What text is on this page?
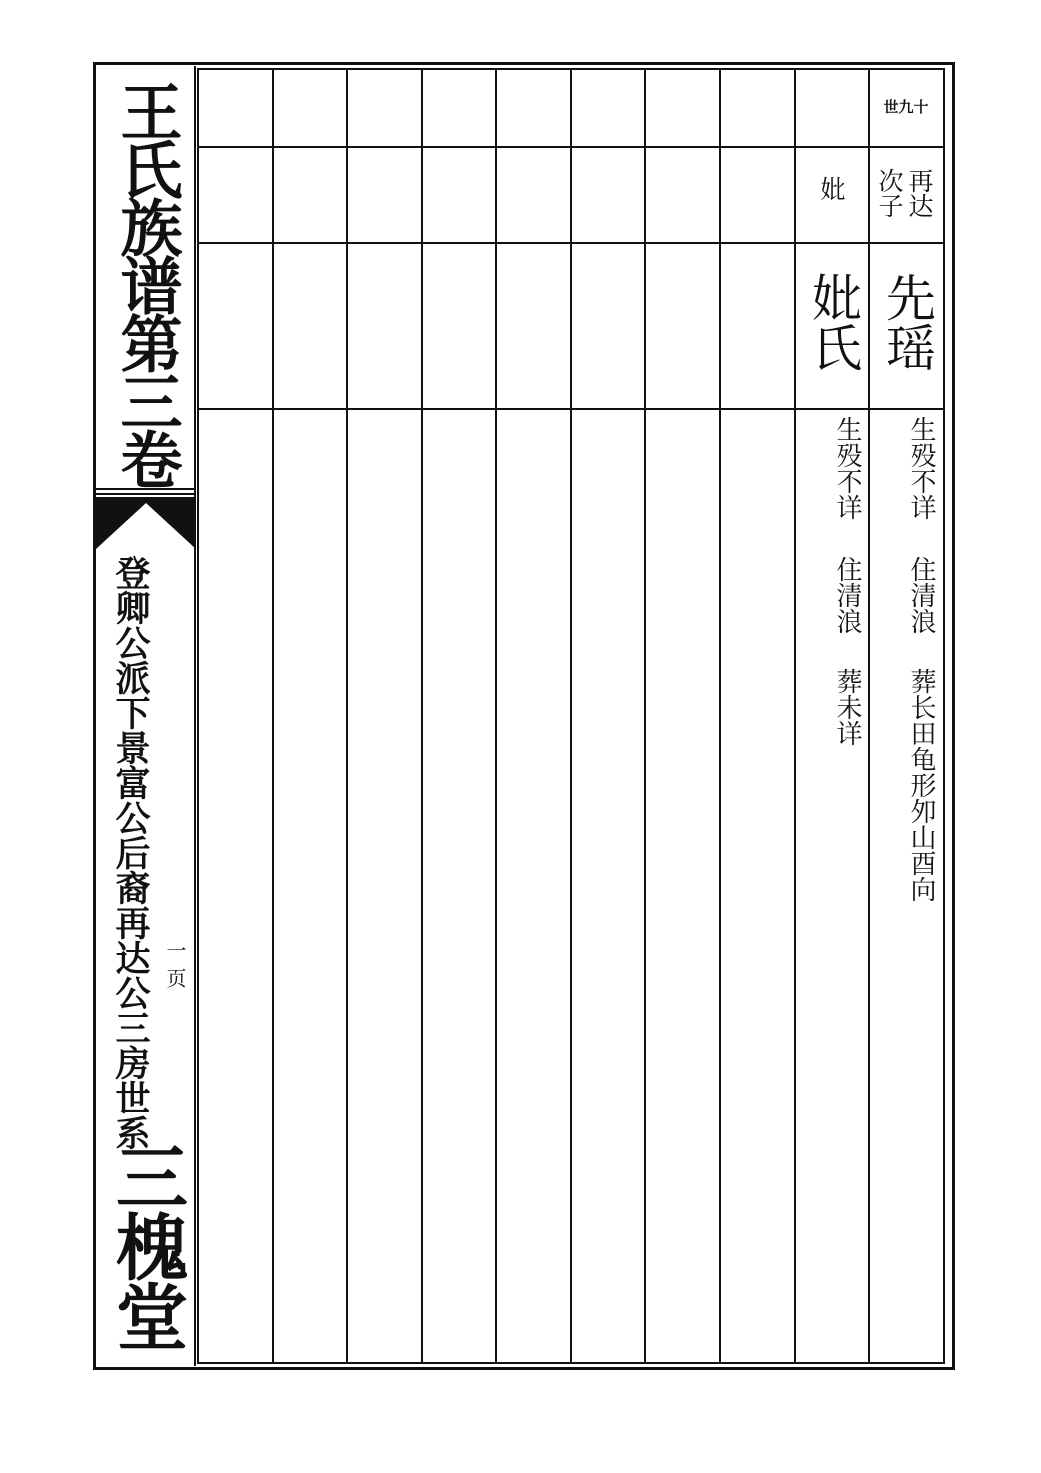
王氏族谱第三卷
登卿公派下景富公后裔再达公三房世系 一页
三槐堂
世九十
再达
次子
先瑶
生殁不详
住清浪
葬长田龟形夘山酉向
妣
妣氏
生殁不详
住清浪
葬未详
